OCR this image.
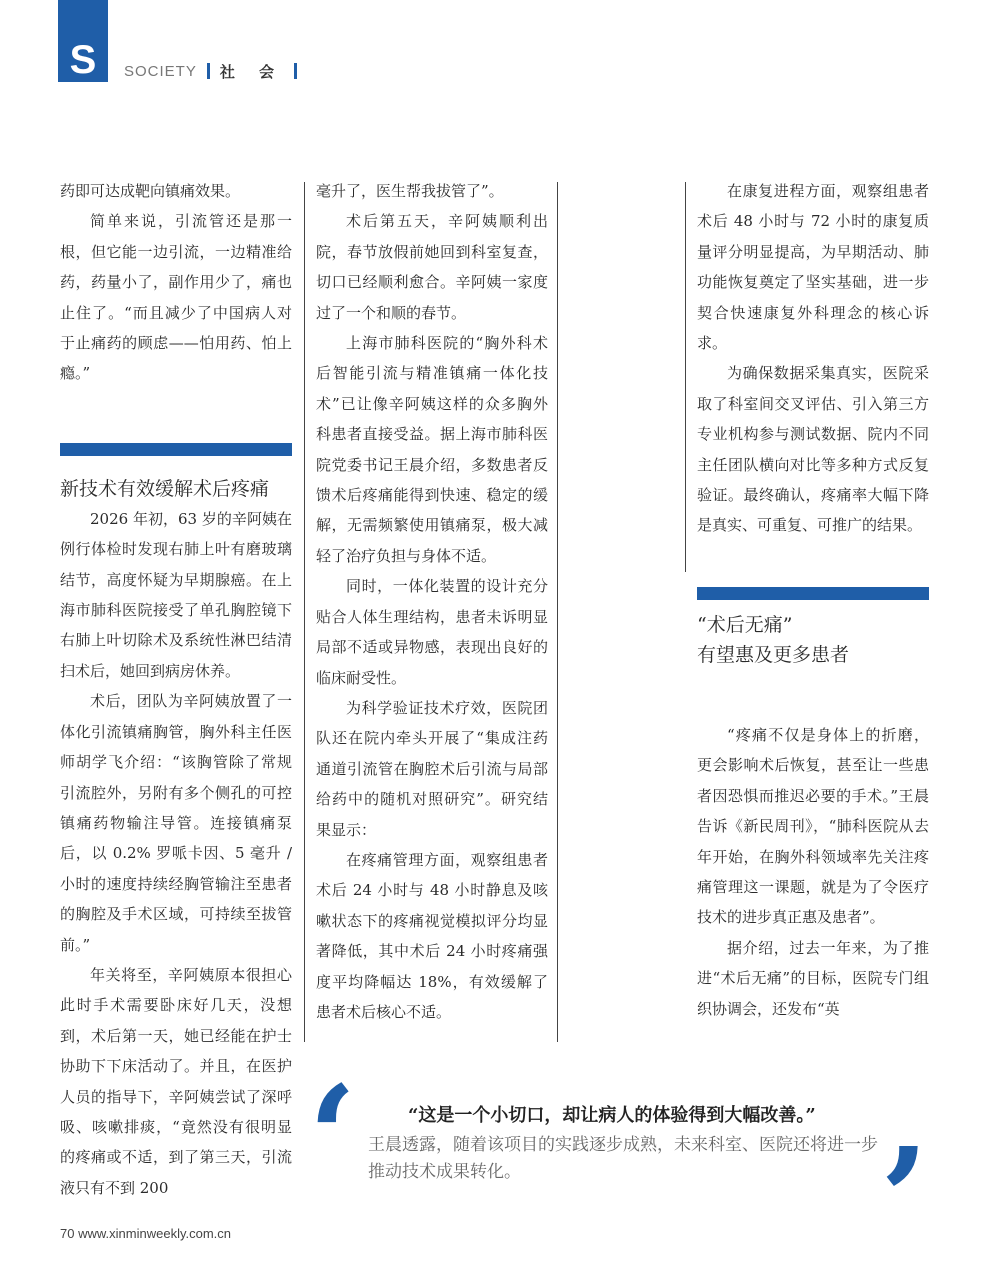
S	SOCIETY 社 会

药即可达成靶向镇痛效果。

简单来说，引流管还是那一根，但它能一边引流，一边精准给药，药量小了，副作用少了，痛也止住了。“而且减少了中国病人对于止痛药的顾虑——怕用药、怕上瘾。”

新技术有效缓解术后疼痛

2026 年初，63 岁的辛阿姨在例行体检时发现右肺上叶有磨玻璃结节，高度怀疑为早期腺癌。在上海市肺科医院接受了单孔胸腔镜下右肺上叶切除术及系统性淋巴结清扫术后，她回到病房休养。

术后，团队为辛阿姨放置了一体化引流镇痛胸管，胸外科主任医师胡学飞介绍：“该胸管除了常规引流腔外，另附有多个侧孔的可控镇痛药物输注导管。连接镇痛泵后，以 0.2% 罗哌卡因、5 毫升 / 小时的速度持续经胸管输注至患者的胸腔及手术区域，可持续至拔管前。”

年关将至，辛阿姨原本很担心此时手术需要卧床好几天，没想到，术后第一天，她已经能在护士协助下下床活动了。并且，在医护人员的指导下，辛阿姨尝试了深呼吸、咳嗽排痰，“竟然没有很明显的疼痛或不适，到了第三天，引流液只有不到 200

毫升了，医生帮我拔管了”。

术后第五天，辛阿姨顺利出院，春节放假前她回到科室复查，切口已经顺利愈合。辛阿姨一家度过了一个和顺的春节。

上海市肺科医院的“胸外科术后智能引流与精准镇痛一体化技术”已让像辛阿姨这样的众多胸外科患者直接受益。据上海市肺科医院党委书记王晨介绍，多数患者反馈术后疼痛能得到快速、稳定的缓解，无需频繁使用镇痛泵，极大减轻了治疗负担与身体不适。

同时，一体化装置的设计充分贴合人体生理结构，患者未诉明显局部不适或异物感，表现出良好的临床耐受性。

为科学验证技术疗效，医院团队还在院内牵头开展了“集成注药通道引流管在胸腔术后引流与局部给药中的随机对照研究”。研究结果显示：

在疼痛管理方面，观察组患者术后 24 小时与 48 小时静息及咳嗽状态下的疼痛视觉模拟评分均显著降低，其中术后 24 小时疼痛强度平均降幅达 18%，有效缓解了患者术后核心不适。

在康复进程方面，观察组患者术后 48 小时与 72 小时的康复质量评分明显提高，为早期活动、肺功能恢复奠定了坚实基础，进一步契合快速康复外科理念的核心诉求。

为确保数据采集真实，医院采取了科室间交叉评估、引入第三方专业机构参与测试数据、院内不同主任团队横向对比等多种方式反复验证。最终确认，疼痛率大幅下降是真实、可重复、可推广的结果。

“术后无痛”
有望惠及更多患者

“疼痛不仅是身体上的折磨，更会影响术后恢复，甚至让一些患者因恐惧而推迟必要的手术。”王晨告诉《新民周刊》，“肺科医院从去年开始，在胸外科领域率先关注疼痛管理这一课题，就是为了令医疗技术的进步真正惠及患者”。

据介绍，过去一年来，为了推进“术后无痛”的目标，医院专门组织协调会，还发布“英

‘	“这是一个小切口，却让病人的体验得到大幅改善。”
王晨透露，随着该项目的实践逐步成熟，未来科室、医院还将进一步推动技术成果转化。	’
70 www.xinminweekly.com.cn
